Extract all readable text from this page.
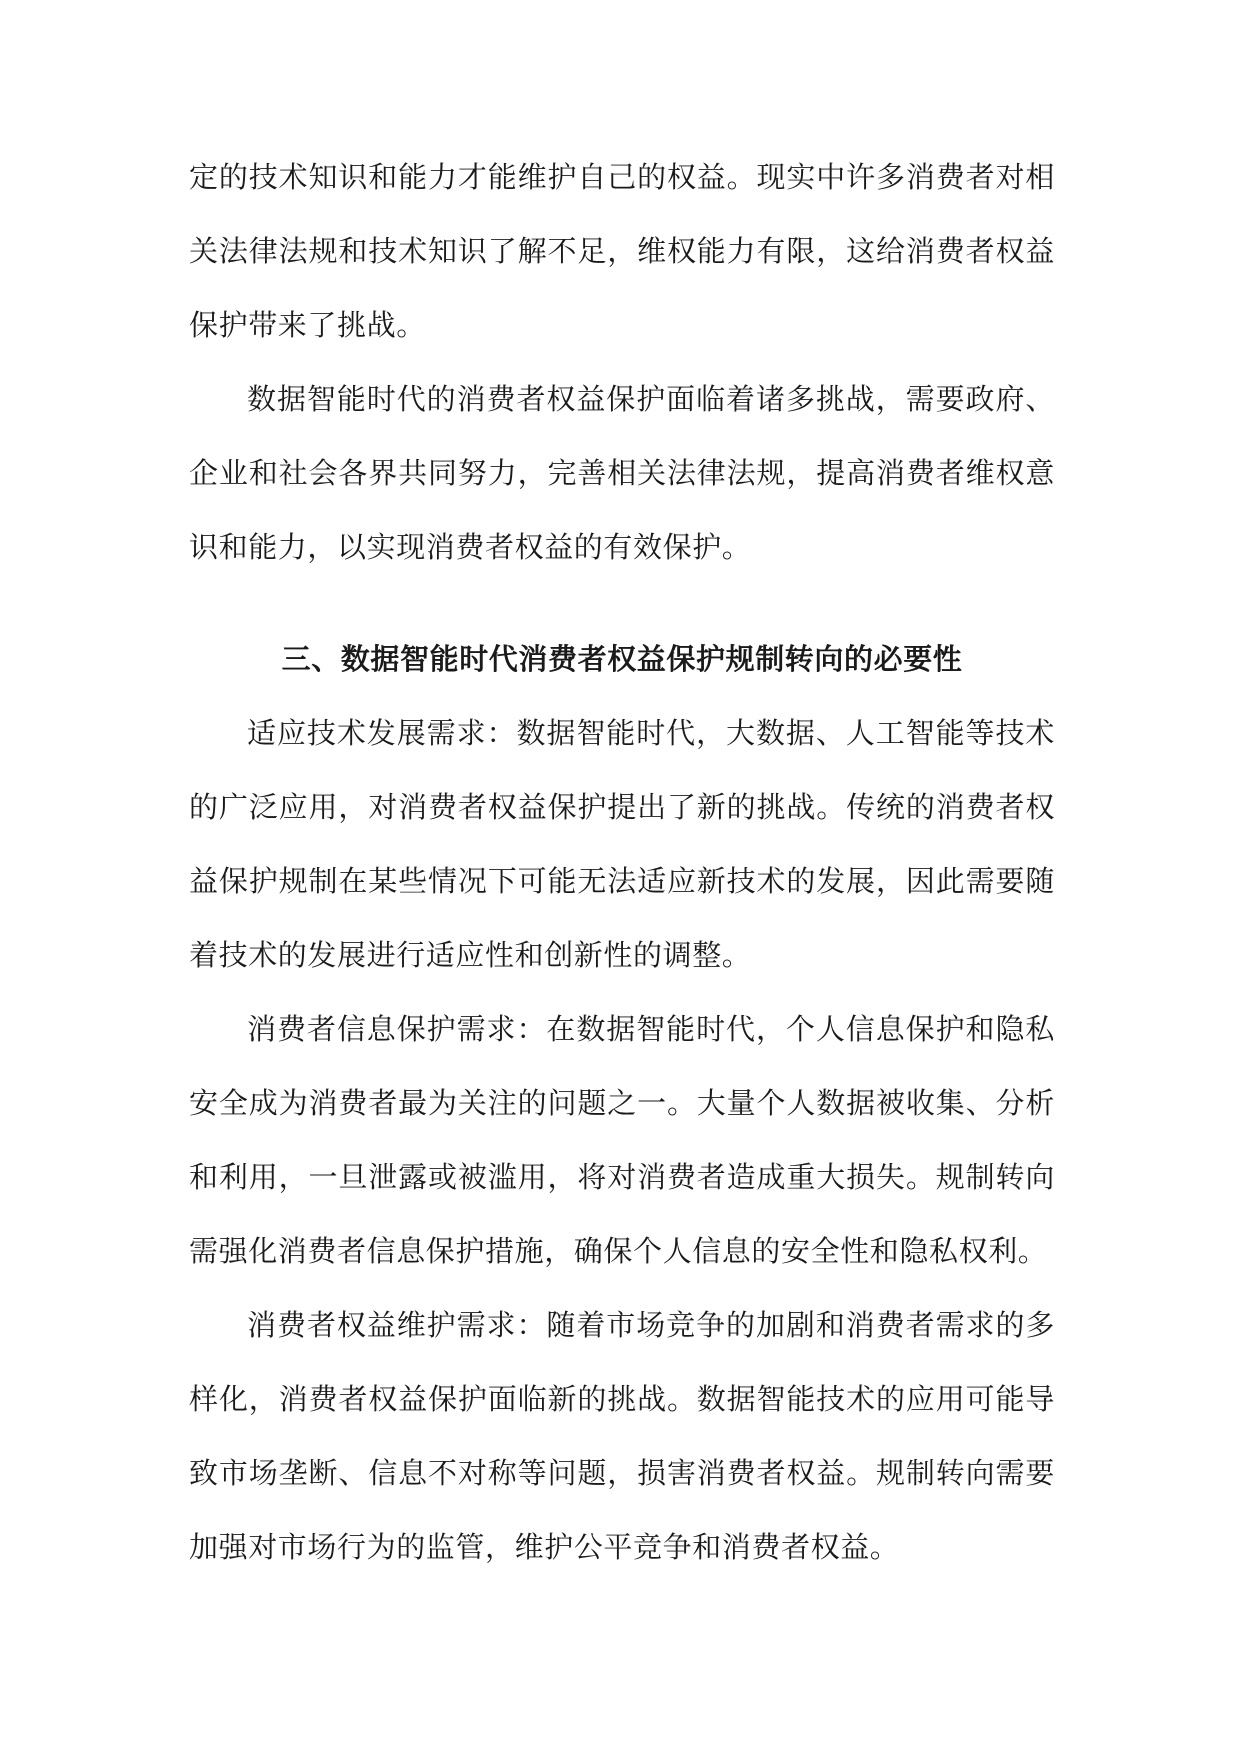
定的技术知识和能力才能维护自己的权益。现实中许多消费者对相关法律法规和技术知识了解不足，维权能力有限，这给消费者权益保护带来了挑战。

数据智能时代的消费者权益保护面临着诸多挑战，需要政府、企业和社会各界共同努力，完善相关法律法规，提高消费者维权意识和能力，以实现消费者权益的有效保护。

三、数据智能时代消费者权益保护规制转向的必要性

适应技术发展需求：数据智能时代，大数据、人工智能等技术的广泛应用，对消费者权益保护提出了新的挑战。传统的消费者权益保护规制在某些情况下可能无法适应新技术的发展，因此需要随着技术的发展进行适应性和创新性的调整。

消费者信息保护需求：在数据智能时代，个人信息保护和隐私安全成为消费者最为关注的问题之一。大量个人数据被收集、分析和利用，一旦泄露或被滥用，将对消费者造成重大损失。规制转向需强化消费者信息保护措施，确保个人信息的安全性和隐私权利。

消费者权益维护需求：随着市场竞争的加剧和消费者需求的多样化，消费者权益保护面临新的挑战。数据智能技术的应用可能导致市场垄断、信息不对称等问题，损害消费者权益。规制转向需要加强对市场行为的监管，维护公平竞争和消费者权益。
